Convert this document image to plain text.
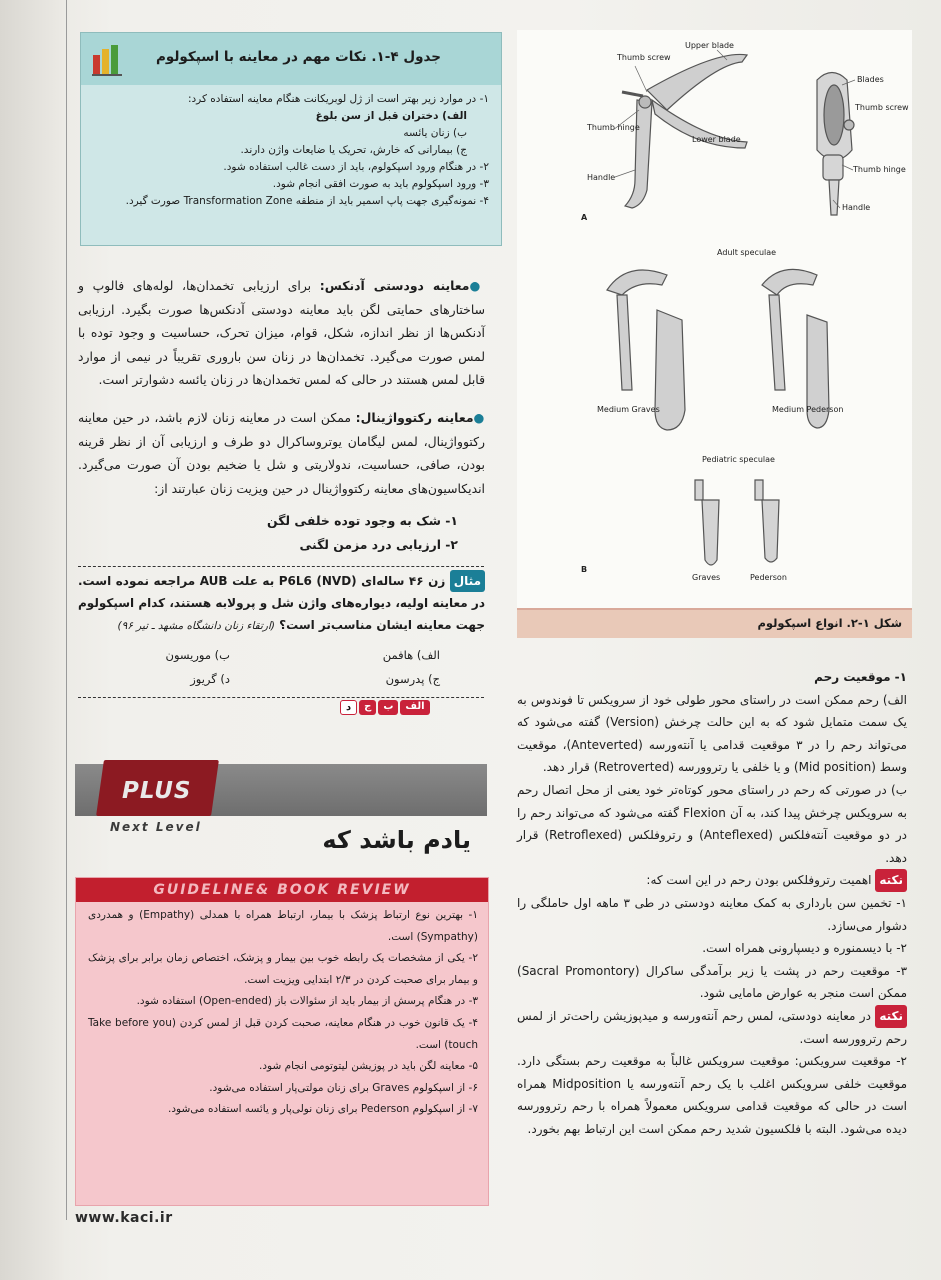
جدول ۴-۱. نکات مهم در معاینه با اسپکولوم
۱- در موارد زیر بهتر است از ژل لوبریکانت هنگام معاینه استفاده کرد:
الف) دختران قبل از سن بلوغ
ب) زنان یائسه
ج) بیمارانی که خارش، تحریک یا ضایعات واژن دارند.
۲- در هنگام ورود اسپکولوم، باید از دست غالب استفاده شود.
۳- ورود اسپکولوم باید به صورت افقی انجام شود.
۴- نمونه‌گیری جهت پاپ اسمیر باید از منطقه Transformation Zone صورت گیرد.
●معاینه دودستی آدنکس: برای ارزیابی تخمدان‌ها، لوله‌های فالوپ و ساختارهای حمایتی لگن باید معاینه دودستی آدنکس‌ها صورت بگیرد. ارزیابی آدنکس‌ها از نظر اندازه، شکل، قوام، میزان تحرک، حساسیت و وجود توده با لمس صورت می‌گیرد. تخمدان‌ها در زنان سن باروری تقریباً در نیمی از موارد قابل لمس هستند در حالی که لمس تخمدان‌ها در زنان یائسه دشوارتر است.
●معاینه رکتوواژینال: ممکن است در معاینه زنان لازم باشد، در حین معاینه رکتوواژینال، لمس لیگامان یوتروساکرال دو طرف و ارزیابی آن از نظر قرینه بودن، صافی، حساسیت، ندولاریتی و شل یا ضخیم بودن آن صورت می‌گیرد. اندیکاسیون‌های معاینه رکتوواژینال در حین ویزیت زنان عبارتند از:
۱- شک به وجود توده خلفی لگن
۲- ارزیابی درد مزمن لگنی
مثال زن ۴۶ ساله‌ای (P6L6 (NVD به علت AUB مراجعه نموده است. در معاینه اولیه، دیواره‌های واژن شل و پرولابه هستند، کدام اسپکولوم جهت معاینه ایشان مناسب‌تر است؟ (ارتقاء زنان دانشگاه مشهد ـ تیر ۹۶)
الف) هافمن
ب) موریسون
ج) پدرسون
د) گریوز
الف
ب
ج
د
PLUS
Next Level	یادم باشد که
GUIDELINE& BOOK REVIEW
۱- بهترین نوع ارتباط پزشک با بیمار، ارتباط همراه با همدلی (Empathy) و همدردی (Sympathy) است.
۲- یکی از مشخصات یک رابطه خوب بین بیمار و پزشک، اختصاص زمان برابر برای پزشک و بیمار برای صحبت کردن در ۲/۳ ابتدایی ویزیت است.
۳- در هنگام پرسش از بیمار باید از سئوالات باز (Open-ended) استفاده شود.
۴- یک قانون خوب در هنگام معاینه، صحبت کردن قبل از لمس کردن (Take before you touch) است.
۵- معاینه لگن باید در پوزیشن لیتوتومی انجام شود.
۶- از اسپکولوم Graves برای زنان مولتی‌پار استفاده می‌شود.
۷- از اسپکولوم Pederson برای زنان نولی‌پار و یائسه استفاده می‌شود.
www.kaci.ir
Thumb screw
Upper blade
Blades
Thumb screw
Thumb hinge
Lower blade
Handle
Thumb hinge
Handle
A
Adult speculae
Medium Graves	Medium Pederson
Pediatric speculae
Graves	Pederson
B
شکل ۱-۲. انواع اسپکولوم
۱- موقعیت رحم
الف) رحم ممکن است در راستای محور طولی خود از سرویکس تا فوندوس به یک سمت متمایل شود که به این حالت چرخش (Version) گفته می‌شود که می‌تواند رحم را در ۳ موقعیت قدامی یا آنته‌ورسه (Anteverted)، موقعیت وسط (Mid position) و یا خلفی یا رتروورسه (Retroverted) قرار دهد.
ب) در صورتی که رحم در راستای محور کوتاه‌تر خود یعنی از محل اتصال رحم به سرویکس چرخش پیدا کند، به آن Flexion گفته می‌شود که می‌تواند رحم را در دو موقعیت آنته‌فلکس (Anteflexed) و رتروفلکس (Retroflexed) قرار دهد.
نکته اهمیت رتروفلکس بودن رحم در این است که:
۱- تخمین سن بارداری به کمک معاینه دودستی در طی ۳ ماهه اول حاملگی را دشوار می‌سازد.
۲- با دیسمنوره و دیسپارونی همراه است.
۳- موقعیت رحم در پشت یا زیر برآمدگی ساکرال (Sacral Promontory) ممکن است منجر به عوارض مامایی شود.
نکته در معاینه دودستی، لمس رحم آنته‌ورسه و میدپوزیشن راحت‌تر از لمس رحم رتروورسه است.
۲- موقعیت سرویکس: موقعیت سرویکس غالباً به موقعیت رحم بستگی دارد. موقعیت خلفی سرویکس اغلب با یک رحم آنته‌ورسه یا Midposition همراه است در حالی که موقعیت قدامی سرویکس معمولاً همراه با رحم رتروورسه دیده می‌شود. البته با فلکسیون شدید رحم ممکن است این ارتباط بهم بخورد.
